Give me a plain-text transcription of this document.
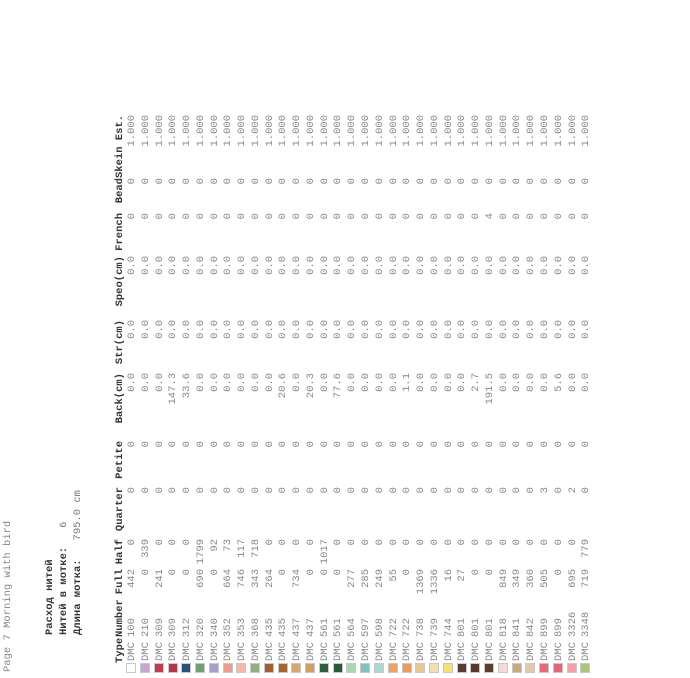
Page 7 Morning with bird	Расход нитей Нитей в мотке:   6
Длина мотка:   795.0 cm
	Type	Number	Full	Half	Quarter	Petite	Back(cm)	Str(cm)	Speo(cm)	French	Bead	Skein Est.
	DMC	100	442	0	0	0	0.0	0.0	0.0	0	0	1.000
	DMC	210	0	339	0	0	0.0	0.0	0.0	0	0	1.000
	DMC	309	241	0	0	0	0.0	0.0	0.0	0	0	1.000
	DMC	309	0	0	0	0	147.3	0.0	0.0	0	0	1.000
	DMC	312	0	0	0	0	33.6	0.0	0.0	0	0	1.000
	DMC	320	690	1799	0	0	0.0	0.0	0.0	0	0	1.000
	DMC	340	0	92	0	0	0.0	0.0	0.0	0	0	1.000
	DMC	352	664	73	0	0	0.0	0.0	0.0	0	0	1.000
	DMC	353	746	117	0	0	0.0	0.0	0.0	0	0	1.000
	DMC	368	343	718	0	0	0.0	0.0	0.0	0	0	1.000
	DMC	435	264	0	0	0	0.0	0.0	0.0	0	0	1.000
	DMC	435	0	0	0	0	20.6	0.0	0.0	0	0	1.000
	DMC	437	734	0	0	0	0.0	0.0	0.0	0	0	1.000
	DMC	437	0	0	0	0	20.3	0.0	0.0	0	0	1.000
	DMC	561	0	1017	0	0	0.0	0.0	0.0	0	0	1.000
	DMC	561	0	0	0	0	77.6	0.0	0.0	0	0	1.000
	DMC	564	277	0	0	0	0.0	0.0	0.0	0	0	1.000
	DMC	597	285	0	0	0	0.0	0.0	0.0	0	0	1.000
	DMC	598	249	0	0	0	0.0	0.0	0.0	0	0	1.000
	DMC	722	55	0	0	0	0.0	0.0	0.0	0	0	1.000
	DMC	722	0	0	0	0	1.1	0.0	0.0	0	0	1.000
	DMC	738	1369	0	0	0	0.0	0.0	0.0	0	0	1.000
	DMC	739	1336	0	0	0	0.0	0.0	0.0	0	0	1.000
	DMC	744	16	0	0	0	0.0	0.0	0.0	0	0	1.000
	DMC	801	27	0	0	0	0.0	0.0	0.0	0	0	1.000
	DMC	801	0	0	0	0	2.7	0.0	0.0	0	0	1.000
	DMC	801	0	0	0	0	191.5	0.0	0.0	4	0	1.000
	DMC	818	849	0	0	0	0.0	0.0	0.0	0	0	1.000
	DMC	841	349	0	0	0	0.0	0.0	0.0	0	0	1.000
	DMC	842	360	0	0	0	0.0	0.0	0.0	0	0	1.000
	DMC	899	505	0	3	0	0.0	0.0	0.0	0	0	1.000
	DMC	899	0	0	0	0	5.6	0.0	0.0	0	0	1.000
	DMC	3326	695	0	2	0	0.0	0.0	0.0	0	0	1.000
	DMC	3348	719	779	0	0	0.0	0.0	0.0	0	0	1.000
